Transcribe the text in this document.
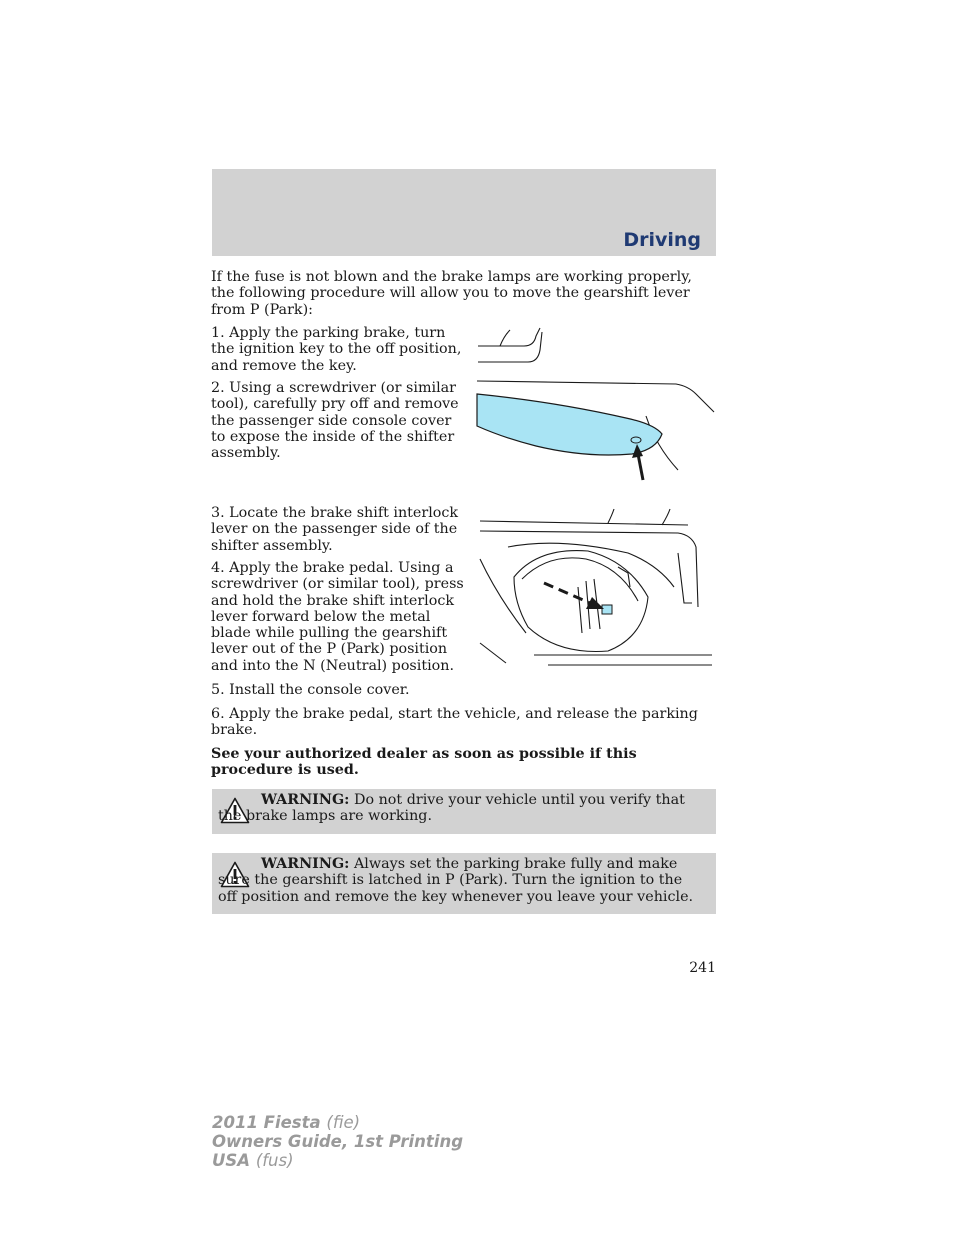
Driving
If the fuse is not blown and the brake lamps are working properly, the following procedure will allow you to move the gearshift lever from P (Park):
1. Apply the parking brake, turn the ignition key to the off position, and remove the key.
2. Using a screwdriver (or similar tool), carefully pry off and remove the passenger side console cover to expose the inside of the shifter assembly.
3. Locate the brake shift interlock lever on the passenger side of the shifter assembly.
4. Apply the brake pedal. Using a screwdriver (or similar tool), press and hold the brake shift interlock lever forward below the metal blade while pulling the gearshift lever out of the P (Park) position and into the N (Neutral) position.
5. Install the console cover.
6. Apply the brake pedal, start the vehicle, and release the parking brake.
See your authorized dealer as soon as possible if this procedure is used.
WARNING: Do not drive your vehicle until you verify that the brake lamps are working.
WARNING: Always set the parking brake fully and make sure the gearshift is latched in P (Park). Turn the ignition to the off position and remove the key whenever you leave your vehicle.
241
2011 Fiesta (fie)
Owners Guide, 1st Printing
USA (fus)
